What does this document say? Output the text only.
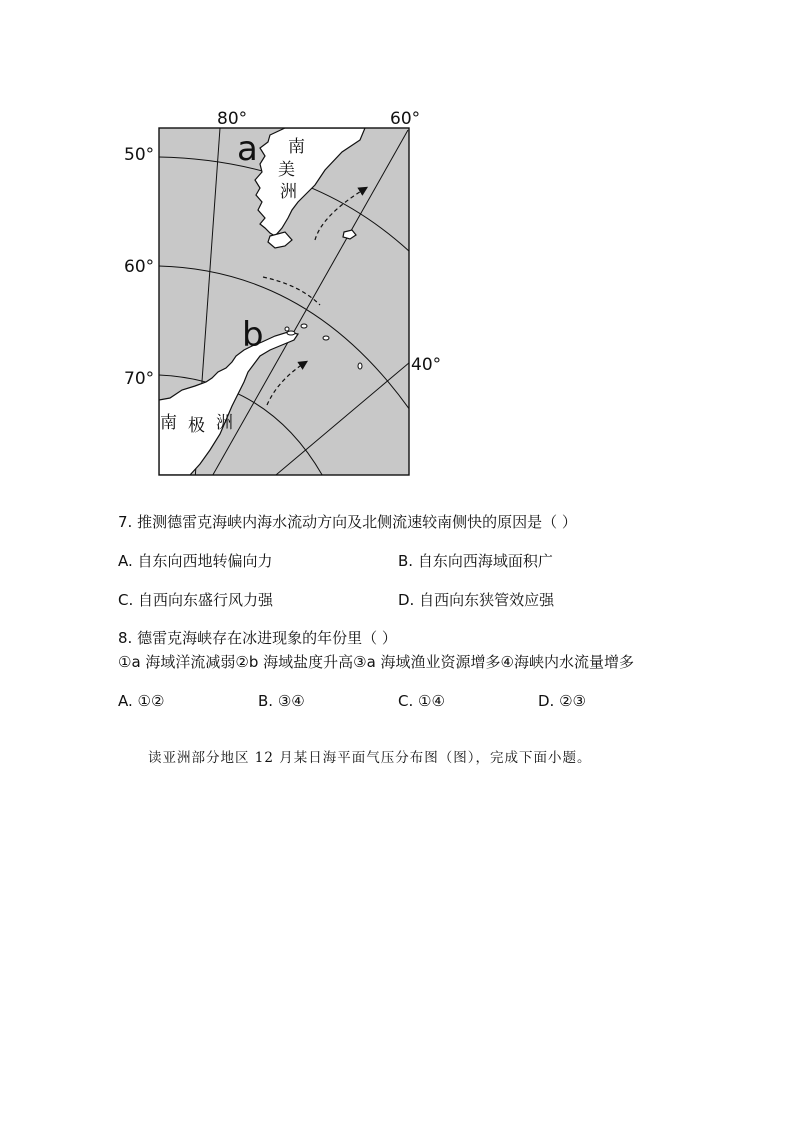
80°	60°
40°
50°
60°
70°
a
b
南
美
洲
南 极 洲
7. 推测德雷克海峡内海水流动方向及北侧流速较南侧快的原因是（ ）
A. 自东向西地转偏向力	B. 自东向西海域面积广
C. 自西向东盛行风力强	D. 自西向东狭管效应强
8. 德雷克海峡存在冰进现象的年份里（ ）
①a 海域洋流减弱②b 海域盐度升高③a 海域渔业资源增多④海峡内水流量增多
A. ①②	B. ③④	C. ①④	D. ②③
读亚洲部分地区 12 月某日海平面气压分布图（图），完成下面小题。
